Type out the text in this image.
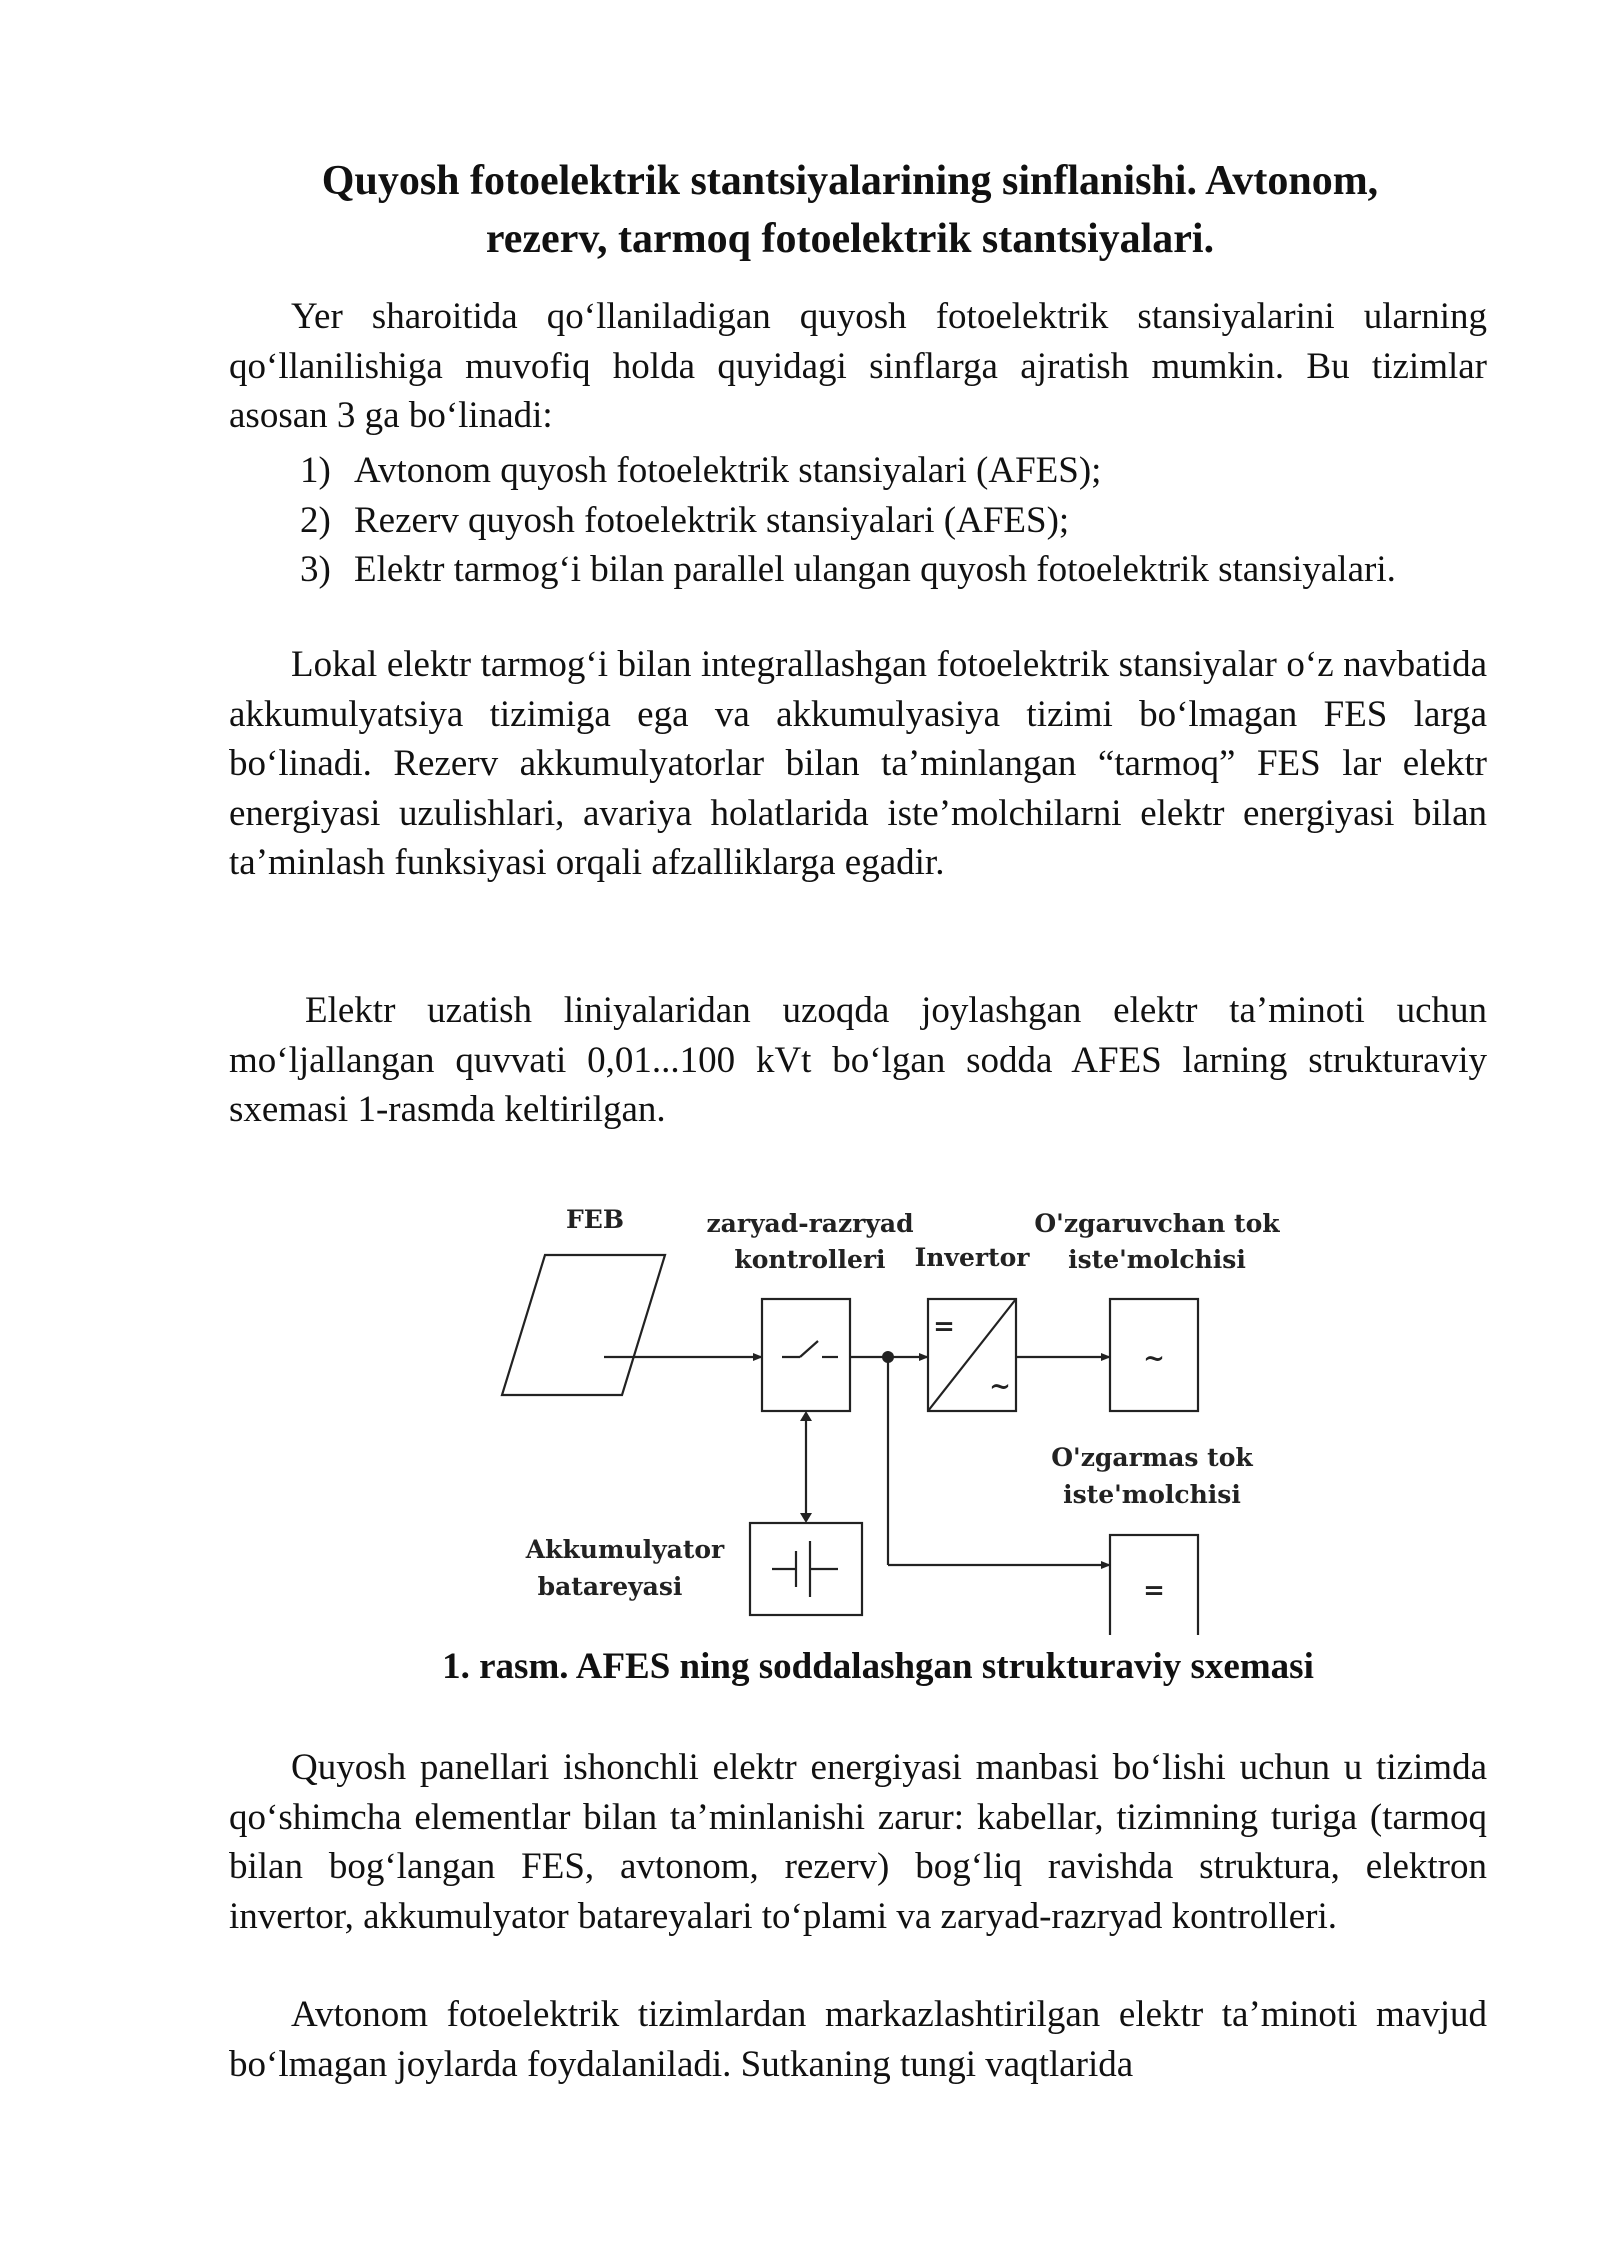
Quyosh fotoelektrik stantsiyalarining sinflanishi. Avtonom,
rezerv, tarmoq fotoelektrik stantsiyalari.

Yer sharoitida qo‘llaniladigan quyosh fotoelektrik stansiyalarini ularning qo‘llanilishiga muvofiq holda quyidagi sinflarga ajratish mumkin. Bu tizimlar asosan 3 ga bo‘linadi:

1) Avtonom quyosh fotoelektrik stansiyalari (AFES);
2) Rezerv quyosh fotoelektrik stansiyalari (AFES);
3) Elektr tarmog‘i bilan parallel ulangan quyosh fotoelektrik stansiyalari.

Lokal elektr tarmog‘i bilan integrallashgan fotoelektrik stansiyalar o‘z navbatida akkumulyatsiya tizimiga ega va akkumulyasiya tizimi bo‘lmagan FES larga bo‘linadi. Rezerv akkumulyatorlar bilan ta’minlangan “tarmoq” FES lar elektr energiyasi uzulishlari, avariya holatlarida iste’molchilarni elektr energiyasi bilan ta’minlash funksiyasi orqali afzalliklarga egadir.

Elektr uzatish liniyalaridan uzoqda joylashgan elektr ta’minoti uchun mo‘ljallangan quvvati 0,01...100 kVt bo‘lgan sodda AFES larning strukturaviy sxemasi 1-rasmda keltirilgan.

FEB	zaryad-razryad
kontrolleri Invertor
O'zgaruvchan tok
iste'molchisi
O'zgarmas tok
iste'molchisi
Akkumulyator
batareyasi
=
~
~
=
1. rasm. AFES ning soddalashgan strukturaviy sxemasi

Quyosh panellari ishonchli elektr energiyasi manbasi bo‘lishi uchun u tizimda qo‘shimcha elementlar bilan ta’minlanishi zarur: kabellar, tizimning turiga (tarmoq bilan bog‘langan FES, avtonom, rezerv) bog‘liq ravishda struktura, elektron invertor, akkumulyator batareyalari to‘plami va zaryad-razryad kontrolleri.

Avtonom fotoelektrik tizimlardan markazlashtirilgan elektr ta’minoti mavjud bo‘lmagan joylarda foydalaniladi. Sutkaning tungi vaqtlarida
